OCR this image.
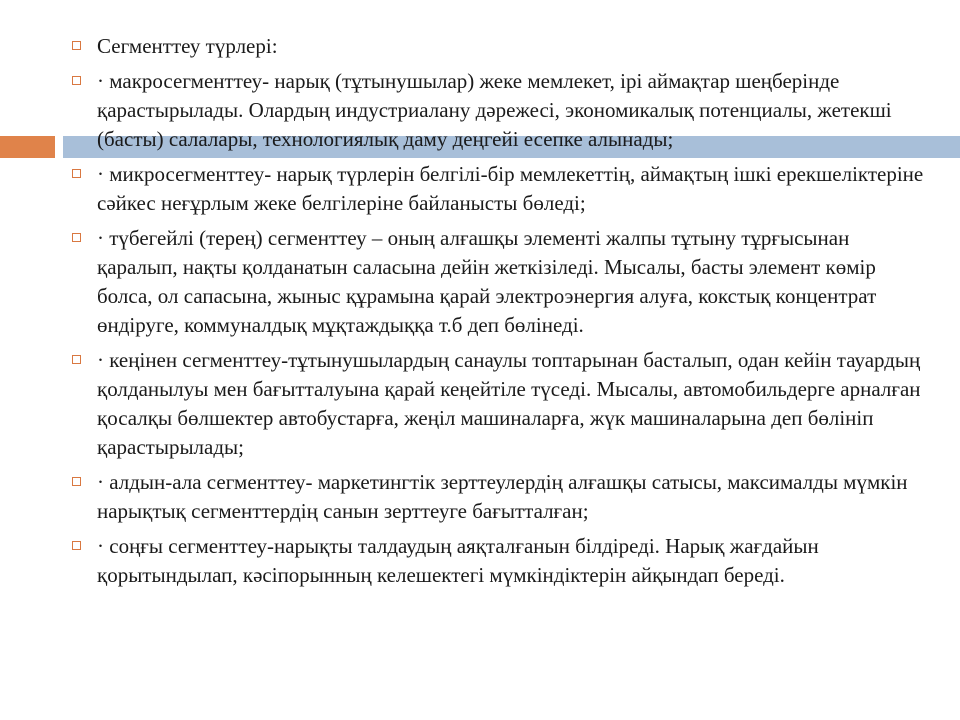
Сегменттеу түрлері:
· макросегменттеу- нарық (тұтынушылар) жеке мемлекет, ірі аймақтар шеңберінде қарастырылады. Олардың индустриалану дәрежесі, экономикалық потенциалы, жетекші (басты) салалары, технологиялық даму деңгейі есепке алынады;
· микросегменттеу- нарық түрлерін белгілі-бір мемлекеттің, аймақтың ішкі ерекшеліктеріне сәйкес неғұрлым жеке белгілеріне байланысты бөледі;
· түбегейлі (терең) сегменттеу – оның алғашқы элементі жалпы тұтыну тұрғысынан қаралып, нақты қолданатын саласына дейін жеткізіледі. Мысалы, басты элемент көмір болса, ол сапасына, жыныс құрамына қарай электроэнергия алуға, кокстық концентрат өндіруге, коммуналдық мұқтаждыққа т.б деп бөлінеді.
· кеңінен сегменттеу-тұтынушылардың санаулы топтарынан басталып, одан кейін тауардың қолданылуы мен бағытталуына қарай кеңейтіле түседі. Мысалы, автомобильдерге арналған қосалқы бөлшектер автобустарға, жеңіл машиналарға, жүк машиналарына деп бөлініп қарастырылады;
· алдын-ала сегменттеу- маркетингтік зерттеулердің алғашқы сатысы, максималды мүмкін нарықтық сегменттердің санын зерттеуге бағытталған;
· соңғы сегменттеу-нарықты талдаудың аяқталғанын білдіреді. Нарық жағдайын қорытындылап, кәсіпорынның келешектегі мүмкіндіктерін айқындап береді.
